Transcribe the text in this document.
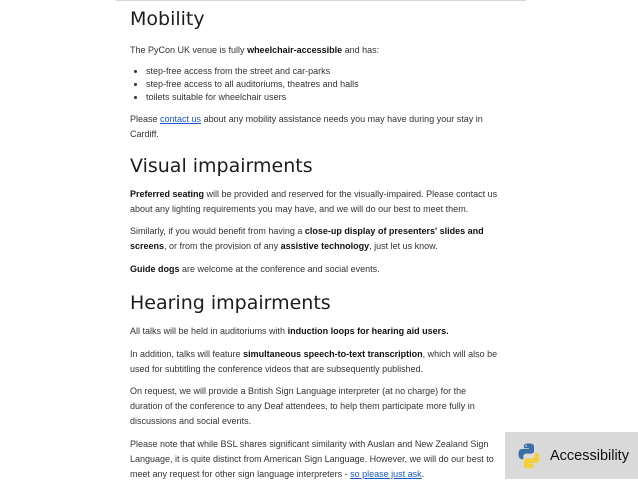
Mobility

The PyCon UK venue is fully wheelchair-accessible and has:

• step-free access from the street and car-parks
• step-free access to all auditoriums, theatres and halls
• toilets suitable for wheelchair users

Please contact us about any mobility assistance needs you may have during your stay in Cardiff.

Visual impairments

Preferred seating will be provided and reserved for the visually-impaired. Please contact us about any lighting requirements you may have, and we will do our best to meet them.

Similarly, if you would benefit from having a close-up display of presenters' slides and screens, or from the provision of any assistive technology, just let us know.

Guide dogs are welcome at the conference and social events.

Hearing impairments

All talks will be held in auditoriums with induction loops for hearing aid users.

In addition, talks will feature simultaneous speech-to-text transcription, which will also be used for subtitling the conference videos that are subsequently published.

On request, we will provide a British Sign Language interpreter (at no charge) for the duration of the conference to any Deaf attendees, to help them participate more fully in discussions and social events.

Please note that while BSL shares significant similarity with Auslan and New Zealand Sign Language, it is quite distinct from American Sign Language. However, we will do our best to meet any request for other sign language interpreters - so please just ask.

Accessibility
